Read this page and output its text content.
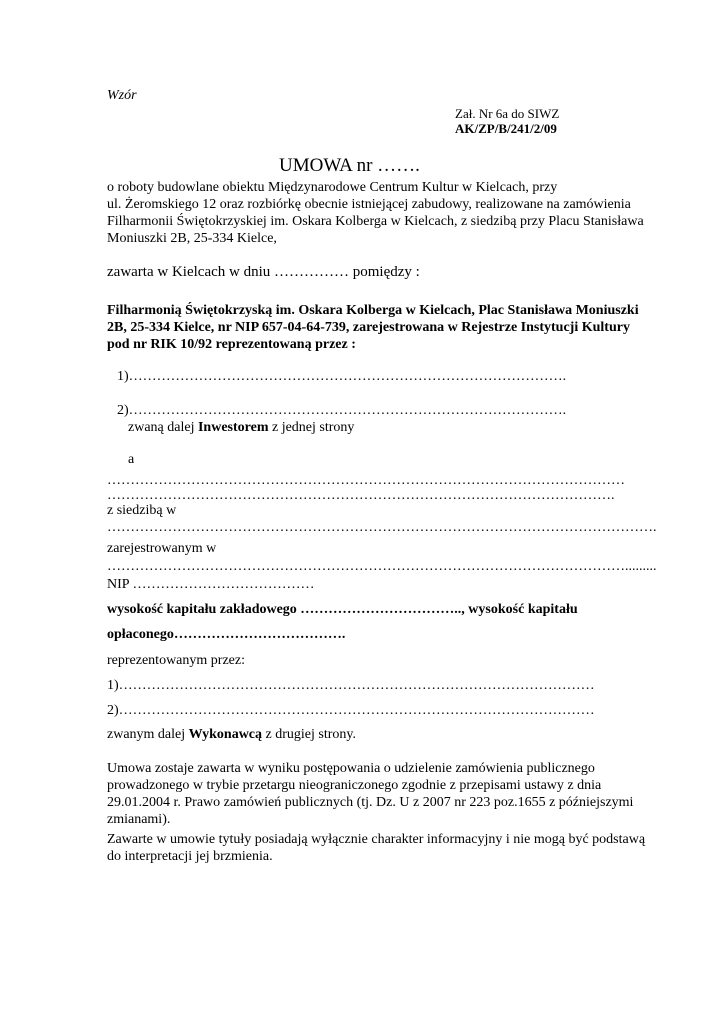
Wzór
Zał. Nr 6a do SIWZ
AK/ZP/B/241/2/09
UMOWA nr …….
o roboty budowlane obiektu Międzynarodowe Centrum Kultur w Kielcach, przy
ul. Żeromskiego 12 oraz rozbiórkę obecnie istniejącej zabudowy, realizowane na zamówienia
Filharmonii Świętokrzyskiej im. Oskara Kolberga w Kielcach, z siedzibą przy Placu Stanisława
Moniuszki 2B, 25-334 Kielce,
zawarta w Kielcach w dniu …………… pomiędzy :
Filharmonią Świętokrzyską im. Oskara Kolberga w Kielcach, Plac Stanisława Moniuszki
2B, 25-334 Kielce, nr NIP 657-04-64-739, zarejestrowana w Rejestrze Instytucji Kultury
pod nr RIK 10/92 reprezentowaną przez :
1)………………………………………………………………………………….
2)………………………………………………………………………………….
zwaną dalej Inwestorem z jednej strony
a
…………………………………………………………………………………………………
……………………………………………………………………………………………….
z siedzibą w
……………………………………………………………………………………………………….
zarejestrowanym w
………………………………………………………………………………………………….........
NIP …………………………………
wysokość kapitału zakładowego …………………………….., wysokość kapitału
opłaconego……………………………….
reprezentowanym przez:
1)…………………………………………………………………………………………
2)…………………………………………………………………………………………
zwanym dalej Wykonawcą z drugiej strony.
Umowa zostaje zawarta w wyniku postępowania o udzielenie zamówienia publicznego
prowadzonego w trybie przetargu nieograniczonego zgodnie z przepisami ustawy z dnia
29.01.2004 r. Prawo zamówień publicznych (tj. Dz. U z 2007 nr 223 poz.1655 z późniejszymi
zmianami).
Zawarte w umowie tytuły posiadają wyłącznie charakter informacyjny i nie mogą być podstawą
do interpretacji jej brzmienia.
